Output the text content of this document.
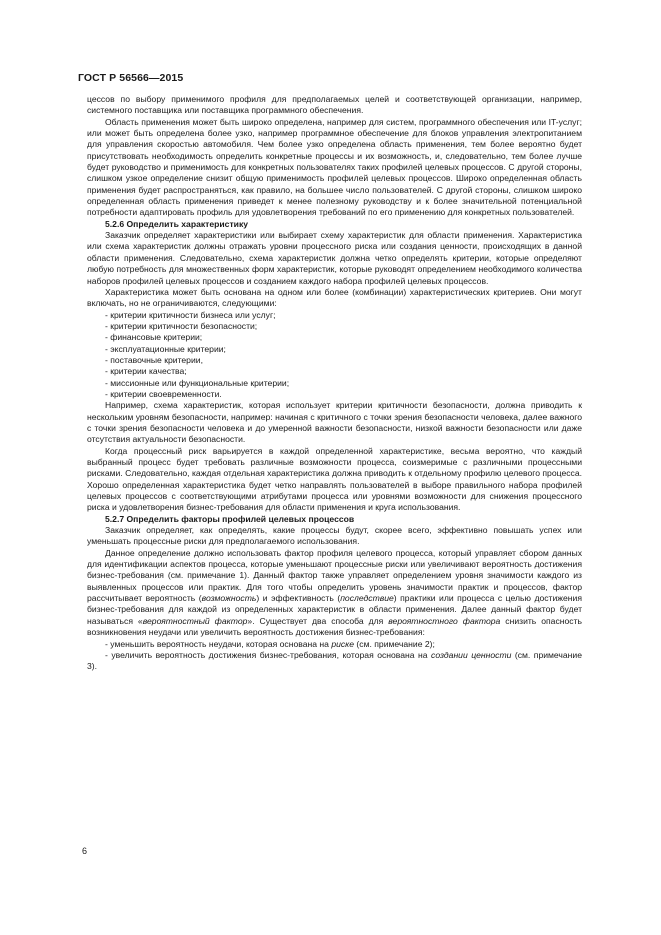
ГОСТ Р 56566—2015

цессов по выбору применимого профиля для предполагаемых целей и соответствующей организации, например, системного поставщика или поставщика программного обеспечения.

Область применения может быть широко определена, например для систем, программного обеспечения или IT-услуг; или может быть определена более узко, например программное обеспечение для блоков управления электропитанием для управления скоростью автомобиля. Чем более узко определена область применения, тем более вероятно будет присутствовать необходимость определить конкретные процессы и их возможность, и, следовательно, тем более лучше будет руководство и применимость для конкретных пользователях таких профилей целевых процессов. С другой стороны, слишком узкое определение снизит общую применимость профилей целевых процессов. Широко определенная область применения будет распространяться, как правило, на большее число пользователей. С другой стороны, слишком широко определенная область применения приведет к менее полезному руководству и к более значительной потенциальной потребности адаптировать профиль для удовлетворения требований по его применению для конкретных пользователей.

5.2.6 Определить характеристику

Заказчик определяет характеристики или выбирает схему характеристик для области применения. Характеристика или схема характеристик должны отражать уровни процессного риска или создания ценности, происходящих в данной области применения. Следовательно, схема характеристик должна четко определять критерии, которые определяют любую потребность для множественных форм характеристик, которые руководят определением необходимого количества наборов профилей целевых процессов и созданием каждого набора профилей целевых процессов.

Характеристика может быть основана на одном или более (комбинации) характеристических критериев. Они могут включать, но не ограничиваются, следующими:

- критерии критичности бизнеса или услуг;
- критерии критичности безопасности;
- финансовые критерии;
- эксплуатационные критерии;
- поставочные критерии,
- критерии качества;
- миссионные или функциональные критерии;
- критерии своевременности.

Например, схема характеристик, которая использует критерии критичности безопасности, должна приводить к нескольким уровням безопасности, например: начиная с критичного с точки зрения безопасности человека, далее важного с точки зрения безопасности человека и до умеренной важности безопасности, низкой важности безопасности или даже отсутствия актуальности безопасности.

Когда процессный риск варьируется в каждой определенной характеристике, весьма вероятно, что каждый выбранный процесс будет требовать различные возможности процесса, соизмеримые с различными процессными рисками. Следовательно, каждая отдельная характеристика должна приводить к отдельному профилю целевого процесса. Хорошо определенная характеристика будет четко направлять пользователей в выборе правильного набора профилей целевых процессов с соответствующими атрибутами процесса или уровнями возможности для снижения процессного риска и удовлетворения бизнес-требования для области применения и круга использования.

5.2.7 Определить факторы профилей целевых процессов

Заказчик определяет, как определять, какие процессы будут, скорее всего, эффективно повышать успех или уменьшать процессные риски для предполагаемого использования.

Данное определение должно использовать фактор профиля целевого процесса, который управляет сбором данных для идентификации аспектов процесса, которые уменьшают процессные риски или увеличивают вероятность достижения бизнес-требования (см. примечание 1). Данный фактор также управляет определением уровня значимости каждого из выявленных процессов или практик. Для того чтобы определить уровень значимости практик и процессов, фактор рассчитывает вероятность (возможность) и эффективность (последствие) практики или процесса с целью достижения бизнес-требования для каждой из определенных характеристик в области применения. Далее данный фактор будет называться «вероятностный фактор». Существует два способа для вероятностного фактора снизить опасность возникновения неудачи или увеличить вероятность достижения бизнес-требования:

- уменьшить вероятность неудачи, которая основана на риске (см. примечание 2);

- увеличить вероятность достижения бизнес-требования, которая основана на создании ценности (см. примечание 3).

6
